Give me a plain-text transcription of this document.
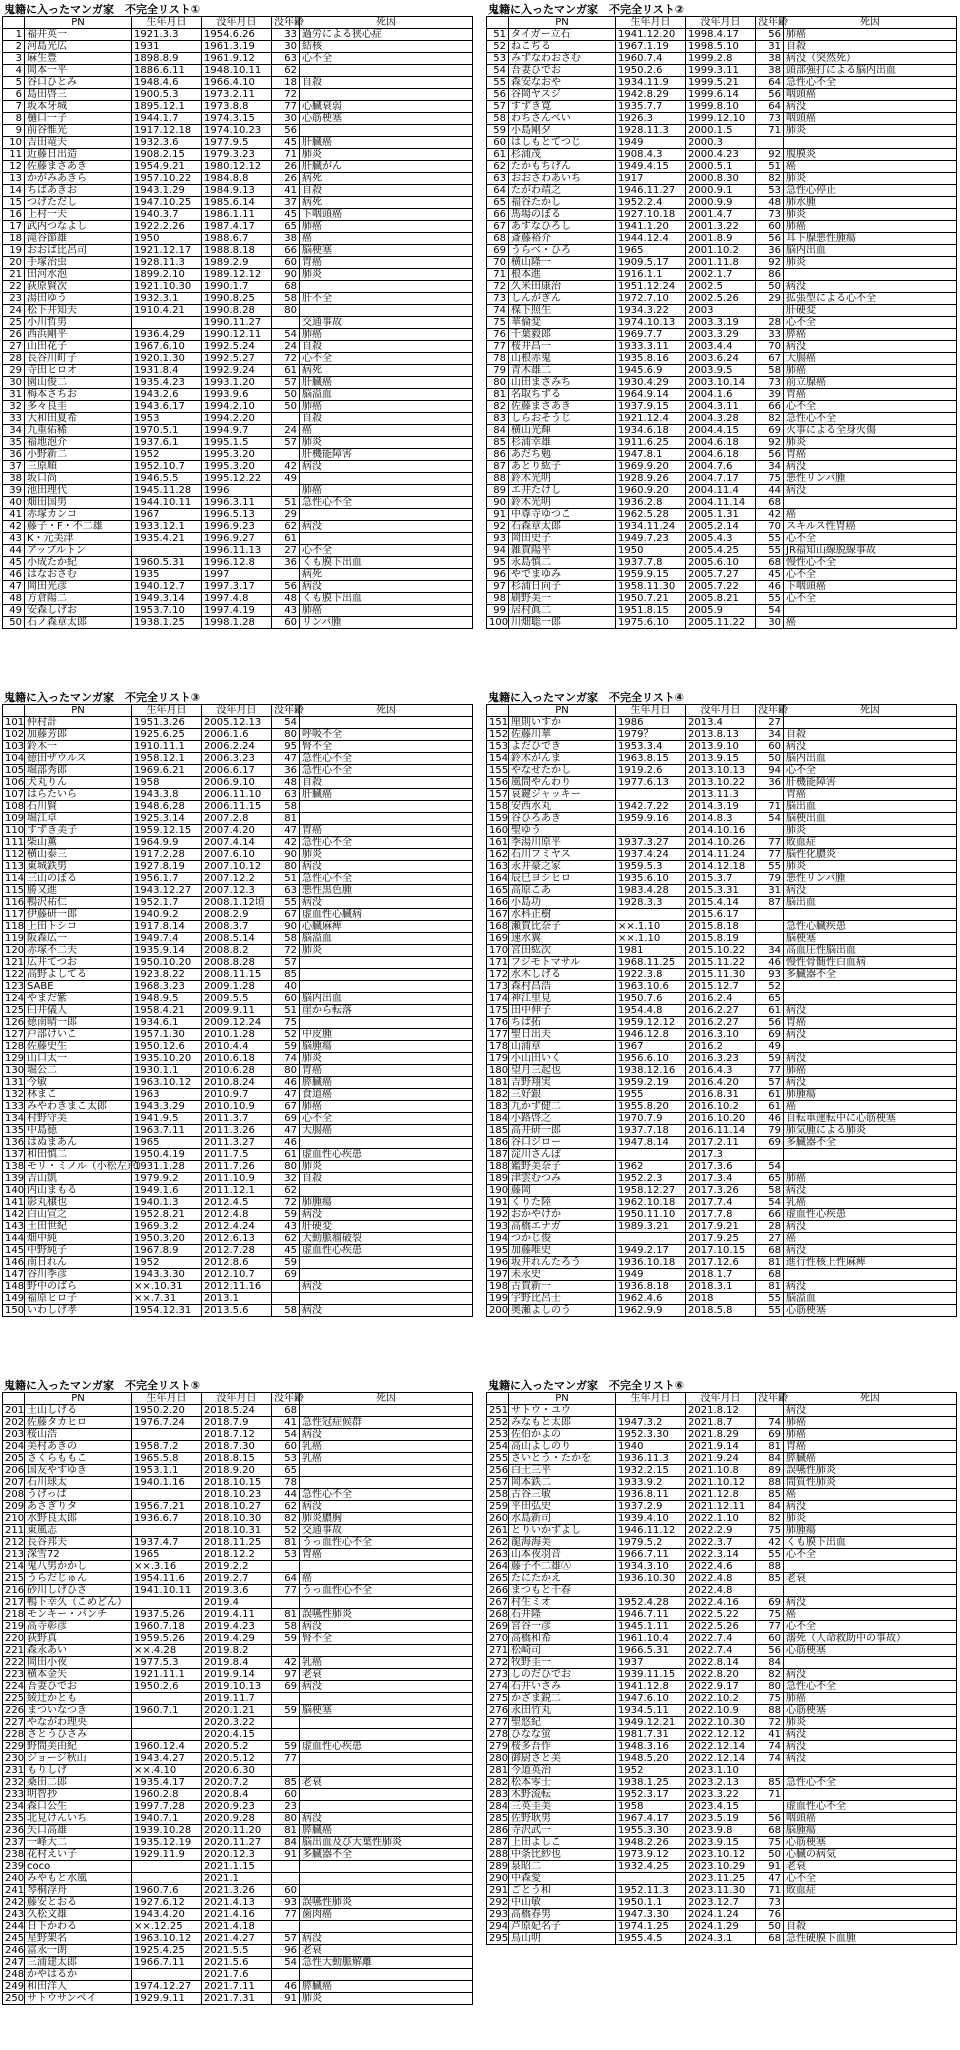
鬼籍に入ったマンガ家　不完全リスト①
	PN	生年月日	没年月日	没年齢	死因
1	福井英一	1921.3.3	1954.6.26	33	過労による狭心症
2	河島光広	1931	1961.3.19	30	結核
3	麻生豊	1898.8.9	1961.9.12	63	心不全
4	岡本一平	1886.6.11	1948.10.11	62	
5	谷口ひとみ	1948.4.6	1966.4.10	18	自殺
6	島田啓三	1900.5.3	1973.2.11	72	
7	坂本牙城	1895.12.1	1973.8.8	77	心臓衰弱
8	樋口一子	1944.1.7	1974.3.15	30	心筋梗塞
9	前谷惟光	1917.12.18	1974.10.23	56	
10	吉田竜夫	1932.3.6	1977.9.5	45	肝臓癌
11	近藤日出造	1908.2.15	1979.3.23	71	肺炎
12	佐藤まさあき	1954.9.21	1980.12.12	26	肝臓がん
13	かがみあきら	1957.10.22	1984.8.8	26	病死
14	ちばあきお	1943.1.29	1984.9.13	41	自殺
15	つげただし	1947.10.25	1985.6.14	37	病死
16	上村一夫	1940.3.7	1986.1.11	45	下咽頭癌
17	武内つなよし	1922.2.26	1987.4.17	65	肺癌
18	滝谷節雄	1950	1988.6.7	38	癌
19	おおば比呂司	1921.12.17	1988.8.18	66	脳梗塞
20	手塚治虫	1928.11.3	1989.2.9	60	胃癌
21	田河水泡	1899.2.10	1989.12.12	90	肺炎
22	荻原賢次	1921.10.30	1990.1.7	68	
23	湯田ゆう	1932.3.1	1990.8.25	58	肝不全
24	松下井知夫	1910.4.21	1990.8.28	80	
25	小川哲男		1990.11.27		交通事故
26	西浜剛平	1936.4.29	1990.12.11	54	肺癌
27	山田花子	1967.6.10	1992.5.24	24	自殺
28	長谷川町子	1920.1.30	1992.5.27	72	心不全
29	寺田ヒロオ	1931.8.4	1992.9.24	61	病死
30	園山俊二	1935.4.23	1993.1.20	57	肝臓癌
31	梅本さちお	1943.2.6	1993.9.6	50	脳溢血
32	多々良圭	1943.6.17	1994.2.10	50	肺癌
33	大和田夏希	1953	1994.2.20		自殺
34	九重佑稀	1970.5.1	1994.9.7	24	癌
35	福地泡介	1937.6.1	1995.1.5	57	肺炎
36	小野新二	1952	1995.3.20		肝機能障害
37	三原順	1952.10.7	1995.3.20	42	病没
38	坂口尚	1946.5.5	1995.12.22	49	
39	池田理代	1945.11.28	1996		肺癌
40	畑田国男	1944.10.11	1996.3.11	51	急性心不全
41	赤塚カンコ	1967	1996.5.13	29	
42	藤子・F・不二雄	1933.12.1	1996.9.23	62	病没
43	K・元美津	1935.4.21	1996.9.27	61	
44	アップルトン		1996.11.13	27	心不全
45	小成たか紀	1960.5.31	1996.12.8	36	くも膜下出血
46	はなおさむ	1935	1997		病死
47	岡田光彦	1940.12.7	1997.3.17	56	病没
48	方倉陽二	1949.3.14	1997.4.8	48	くも膜下出血
49	安森しげお	1953.7.10	1997.4.19	43	肺癌
50	石ノ森章太郎	1938.1.25	1998.1.28	60	リンパ腫
鬼籍に入ったマンガ家　不完全リスト②
	PN	生年月日	没年月日	没年齢	死因
51	タイガー立石	1941.12.20	1998.4.17	56	肺癌
52	ねこぢる	1967.1.19	1998.5.10	31	自殺
53	みずなわおさむ	1960.7.4	1999.2.8	38	病没（突然死）
54	吾妻ひでお	1950.2.6	1999.3.11	38	頭部強打による脳内出血
55	森安なおや	1934.11.9	1999.5.21	64	急性心不全
56	谷岡ヤスジ	1942.8.29	1999.6.14	56	咽頭癌
57	すずき寛	1935.7.7	1999.8.10	64	病没
58	わちさんぺい	1926.3	1999.12.10	73	咽頭癌
59	小島剛夕	1928.11.3	2000.1.5	71	肺炎
60	はしもとてつじ	1949	2000.3		
61	杉浦茂	1908.4.3	2000.4.23	92	腹膜炎
62	たかもちげん	1949.4.15	2000.5.1	51	癌
63	おおさわあいち	1917	2000.8.30	82	肺炎
64	たがわ靖之	1946.11.27	2000.9.1	53	急性心停止
65	福谷たかし	1952.2.4	2000.9.9	48	肺水腫
66	馬場のぼる	1927.10.18	2001.4.7	73	肺炎
67	あすなひろし	1941.1.20	2001.3.22	60	肺癌
68	斎藤裕介	1944.12.4	2001.8.9	56	耳下腺悪性腫瘍
69	うらべ・ひろ	1965	2001.10.2	36	脳内出血
70	横山隆一	1909.5.17	2001.11.8	92	肺炎
71	根本進	1916.1.1	2002.1.7	86	
72	久米田康治	1951.12.24	2002.5	50	病没
73	しんがぎん	1972.7.10	2002.5.26	29	拡張型による心不全
74	楳下照生	1934.3.22	2003		肝硬変
75	華倫変	1974.10.13	2003.3.19	28	心不全
76	千葉毅郎	1969.7.7	2003.3.29	33	膵癌
77	桜井昌一	1933.3.11	2003.4.4	70	病没
78	山根赤鬼	1935.8.16	2003.6.24	67	大腸癌
79	青木雄二	1945.6.9	2003.9.5	58	肺癌
80	山田まさみち	1930.4.29	2003.10.14	73	前立腺癌
81	名取ちずる	1964.9.14	2004.1.6	39	胃癌
82	佐藤まさあき	1937.9.15	2004.3.11	66	心不全
83	しらおそうじ	1921.12.4	2004.3.28	82	急性心不全
84	横山光輝	1934.6.18	2004.4.15	69	火事による全身火傷
85	杉浦幸雄	1911.6.25	2004.6.18	92	肺炎
86	あだち勉	1947.8.1	2004.6.18	56	胃癌
87	あとり紘子	1969.9.20	2004.7.6	34	病没
88	鈴木光明	1928.9.26	2004.7.17	75	悪性リンパ腫
89	エ井たけし	1960.9.20	2004.11.4	44	病没
90	鈴木光明	1936.2.8	2004.11.14	68	
91	中尊寺ゆつこ	1962.5.28	2005.1.31	42	癌
92	石森章太郎	1934.11.24	2005.2.14	70	スキルス性胃癌
93	岡田史子	1949.7.23	2005.4.3	55	心不全
94	雑賀陽平	1950	2005.4.25	55	JR福知山線脱線事故
95	永島慎二	1937.7.8	2005.6.10	68	慢性心不全
96	やでまゆみ	1959.9.15	2005.7.27	45	心不全
97	杉浦日向子	1958.11.30	2005.7.22	46	下咽頭癌
98	刷野美一	1950.7.21	2005.8.21	55	心不全
99	居村眞二	1951.8.15	2005.9	54	
100	川畑聡一郎	1975.6.10	2005.11.22	30	癌
鬼籍に入ったマンガ家　不完全リスト③
	PN	生年月日	没年月日	没年齢	死因
101	仲村計	1951.3.26	2005.12.13	54	
102	加藤芳郎	1925.6.25	2006.1.6	80	呼吸不全
103	鈴木一	1910.11.1	2006.2.24	95	腎不全
104	徳田ザウルス	1958.12.1	2006.3.23	47	急性心不全
105	堀部秀郎	1969.6.21	2006.6.17	36	急性心不全
106	犬丸りん	1958	2006.9.10	48	自殺
107	はらたいら	1943.3.8	2006.11.10	63	肝臓癌
108	石川賢	1948.6.28	2006.11.15	58	
109	堀江卓	1925.3.14	2007.2.8	81	
110	すずき美子	1959.12.15	2007.4.20	47	胃癌
111	柴山薫	1964.9.9	2007.4.14	42	急性心不全
112	横山泰三	1917.2.28	2007.6.10	90	肺炎
113	東城鉄男	1927.8.19	2007.10.12	80	病没
114	三山のぼる	1956.1.7	2007.12.2	51	急性心不全
115	勝又進	1943.12.27	2007.12.3	63	悪性黒色腫
116	鴨沢祐仁	1952.1.7	2008.1.12頃	55	病没
117	伊藤研一郎	1940.9.2	2008.2.9	67	虚血性心臓病
118	上田トシコ	1917.8.14	2008.3.7	90	心臓麻痺
119	阪森広一	1949.7.4	2008.5.14	58	脳溢血
120	赤塚不二夫	1935.9.14	2008.8.2	72	肺炎
121	広井てつお	1950.10.20	2008.8.28	57	
122	高野よしてる	1923.8.22	2008.11.15	85	
123	SABE	1968.3.23	2009.1.28	40	
124	やまだ紫	1948.9.5	2009.5.5	60	脳内出血
125	臼井儀人	1958.4.21	2009.9.11	51	崖から転落
126	徳南晴一郎	1934.6.1	2009.12.24	75	
127	戸部けいこ	1957.1.30	2010.1.28	52	中皮腫
128	佐藤史生	1950.12.6	2010.4.4	59	脳腫瘍
129	山口太一	1935.10.20	2010.6.18	74	肺炎
130	堀公二	1930.1.1	2010.6.28	80	胃癌
131	今敏	1963.10.12	2010.8.24	46	膵臓癌
132	林まこ	1963	2010.9.7	47	食道癌
133	みやわきまこ太郎	1943.3.29	2010.10.9	67	肺癌
134	村野守美	1941.9.5	2011.3.7	69	心不全
135	中島徳	1963.7.11	2011.3.26	47	大腸癌
136	はぬまあん	1965	2011.3.27	46	
137	和田慎二	1950.4.19	2011.7.5	61	虚血性心疾患
138	モリ・ミノル（小松左京）	1931.1.28	2011.7.26	80	肺炎
139	吉山凱	1979.9.2	2011.10.9	32	自殺
140	内山まもる	1949.1.6	2011.12.1	62	
141	影丸穣也	1940.1.3	2012.4.5	72	肺腫瘍
142	白山宣之	1952.8.21	2012.4.8	59	病没
143	土田世紀	1969.3.2	2012.4.24	43	肝硬変
144	畑中純	1950.3.20	2012.6.13	62	大動脈瘤破裂
145	中野純子	1967.8.9	2012.7.28	45	虚血性心疾患
146	南日れん	1952	2012.8.6	59	
147	谷川季彦	1943.3.30	2012.10.7	69	
148	野中のばら	××.10.31	2012.11.16		病没
149	福原ヒロ子	××.7.31	2013.1		
150	いわしげ孝	1954.12.31	2013.5.6	58	病没
鬼籍に入ったマンガ家　不完全リスト④
	PN	生年月日	没年月日	没年齢	死因
151	厘則いすか	1986	2013.4	27	
152	佐藤川華	1979？	2013.8.13	34	自殺
153	よだひでき	1953.3.4	2013.9.10	60	病没
154	鈴木がんま	1963.8.15	2013.9.15	50	脳内出血
155	やなせたかし	1919.2.6	2013.10.13	94	心不全
156	風間やんわり	1977.6.13	2013.10.22	36	肝機能障害
157	哀鍵ジャッキー		2013.11.3		胃癌
158	安西水丸	1942.7.22	2014.3.19	71	脳出血
159	谷ひろあき	1959.9.16	2014.8.3	54	脳梗出血
160	聖ゆう		2014.10.16		肺炎
161	季湯川原平	1937.3.27	2014.10.26	77	敗血症
162	石川フミヤス	1937.4.24	2014.11.24	77	脳性化膿炎
163	永井豪之家	1959.5.3	2014.12.18	55	肺炎
164	辰巳ヨシヒロ	1935.6.10	2015.3.7	79	悪性リンパ腫
165	高原こあ	1983.4.28	2015.3.31	31	病没
166	小島功	1928.3.3	2015.4.14	87	脳出血
167	水科正樹		2015.6.17		
168	瀬賀比奈子	××.1.10	2015.8.18		急性心臓疾患
169	速水翼	××.1.10	2015.8.19		脳梗塞
170	宮田紘次	1981	2015.10.22	34	高血圧性脳出血
171	フジモトマサル	1968.11.25	2015.11.22	46	慢性骨髄性白血病
172	水木しげる	1922.3.8	2015.11.30	93	多臓器不全
173	森村昌浩	1963.10.6	2015.12.7	52	
174	神江里見	1950.7.6	2016.2.4	65	
175	田中伸子	1954.4.8	2016.2.27	61	病没
176	ちば拓	1959.12.12	2016.2.27	56	胃癌
177	聖日出夫	1946.12.8	2016.3.10	69	病没
178	山浦章	1967	2016.2	49	
179	小山田いく	1956.6.10	2016.3.23	59	病没
180	望月三起也	1938.12.16	2016.4.3	77	肺癌
181	吉野翔実	1959.2.19	2016.4.20	57	病没
182	三好銀	1955	2016.8.31	61	肺腫瘍
183	九かず健二	1955.8.20	2016.10.2	61	癌
184	小路啓之	1970.7.9	2016.10.20	46	自転車運転中に心筋梗塞
185	高井研一郎	1937.7.18	2016.11.14	79	肺気腫による肺炎
186	谷口ジロー	1947.8.14	2017.2.11	69	多臓器不全
187	淀川さんぽ		2017.3		
188	鑑野美奈子	1962	2017.3.6	54	
189	津雲むつみ	1952.2.3	2017.3.4	65	肺癌
190	藤岡	1958.12.27	2017.3.26	58	病没
191	くりた陸	1962.10.18	2017.7.4	54	乳癌
192	おかやけか	1950.11.10	2017.7.8	66	虚血性心疾患
193	高橋エナガ	1989.3.21	2017.9.21	28	病没
194	つかじ俊		2017.9.25	27	癌
195	加藤唯史	1949.2.17	2017.10.15	68	病没
196	坂井れんたろう	1936.10.18	2017.12.6	81	進行性核上性麻痺
197	未永史	1949	2018.1.7	68	
198	古賀新一	1936.8.18	2018.3.1	81	病没
199	宇野比呂士	1962.4.6	2018	55	脳溢血
200	奥瀬よしのう	1962.9.9	2018.5.8	55	心筋梗塞
鬼籍に入ったマンガ家　不完全リスト⑤
	PN	生年月日	没年月日	没年齢	死因
201	土山しげる	1950.2.20	2018.5.24	68	
202	佐藤タカヒロ	1976.7.24	2018.7.9	41	急性冠症候群
203	桜山浩		2018.7.12	54	病没
204	美村あきの	1958.7.2	2018.7.30	60	乳癌
205	さくらももこ	1965.5.8	2018.8.15	53	乳癌
206	国友やすゆき	1953.1.1	2018.9.20	65	
207	石川球太	1940.1.16	2018.10.15	78	
208	うげっぱ		2018.10.23	44	急性心不全
209	あさぎりタ	1956.7.21	2018.10.27	62	病没
210	水野良太郎	1936.6.7	2018.10.30	82	肺炎膿胸
211	東風志		2018.10.31	52	交通事故
212	長谷邦夫	1937.4.7	2018.11.25	81	うっ血性心不全
213	深雪72	1965	2018.12.2	53	胃癌
214	鬼八男かかし	××.3.16	2019.2.2		
215	うらだじゅん	1954.11.6	2019.2.7	64	癌
216	砂川しげひさ	1941.10.11	2019.3.6	77	うっ血性心不全
217	鴨下幸久（こめどん）		2019.4		
218	モンキー・パンチ	1937.5.26	2019.4.11	81	誤嚥性肺炎
219	高寺彰彦	1960.7.18	2019.4.23	58	病没
220	荻野真	1959.5.26	2019.4.29	59	腎不全
221	森永あい	××.4.28	2019.8.2		
222	岡田小夜	1977.5.3	2019.8.4	42	乳癌
223	横本金矢	1921.11.1	2019.9.14	97	老衰
224	吾妻ひでお	1950.2.6	2019.10.13	69	病没
225	綾辻かとも		2019.11.7		
226	まついなつき	1960.7.1	2020.1.21	59	脳梗塞
227	やながわ理央		2020.3.22		
228	さとうひさみ		2020.4.15		
229	野間美由紀	1960.12.4	2020.5.2	59	虚血性心疾患
230	ジョージ秋山	1943.4.27	2020.5.12	77	
231	もりしげ	××.4.10	2020.6.30		
232	桑田二郎	1935.4.17	2020.7.2	85	老衰
233	明智抄	1960.2.8	2020.8.4	60	
234	森口公生	1997.7.28	2020.9.23	23	
235	北見けんいち	1940.7.1	2020.9.28	80	病没
236	矢口高雄	1939.10.28	2020.11.20	81	膵臓癌
237	一峰大二	1935.12.19	2020.11.27	84	脳出血及び大葉性肺炎
238	花村えい子	1929.11.9	2020.12.3	91	多臓器不全
239	coco		2021.1.15		
240	みやもと水風		2021.1		
241	琴桐浮舟	1960.7.6	2021.3.26	60	
242	藤安とおる	1927.6.12	2021.4.13	93	誤嚥性肺炎
243	久松文雄	1943.4.20	2021.4.16	77	歯肉癌
244	日下かわる	××.12.25	2021.4.18		
245	星野架名	1963.10.12	2021.4.27	57	病没
246	富永一朗	1925.4.25	2021.5.5	96	老衰
247	三浦建太郎	1966.7.11	2021.5.6	54	急性大動脈解離
248	かやはるか		2021.7.6		
249	和田洋人	1974.12.27	2021.7.11	46	膵臓癌
250	サトウサンペイ	1929.9.11	2021.7.31	91	肺炎
鬼籍に入ったマンガ家　不完全リスト⑥
	PN	生年月日	没年月日	没年齢	死因
251	サトウ・ユウ		2021.8.12		病没
252	みなもと太郎	1947.3.2	2021.8.7	74	肺癌
253	佐伯かよの	1952.3.30	2021.8.29	69	肺癌
254	高山よしのり	1940	2021.9.14	81	胃癌
255	さいとう・たかを	1936.11.3	2021.9.24	84	膵臓癌
256	白土三平	1932.2.15	2021.10.8	89	誤嚥性肺炎
257	岡本鉄二	1933.9.2	2021.10.12	88	間質性肺炎
258	古谷三敏	1936.8.11	2021.12.8	85	癌
259	平田弘史	1937.2.9	2021.12.11	84	病没
260	水島新司	1939.4.10	2022.1.10	82	肺炎
261	とりいかずよし	1946.11.12	2022.2.9	75	肺腫瘍
262	龍海海美	1979.5.2	2022.3.7	42	くも膜下出血
263	山本夜羽音	1966.7.11	2022.3.14	55	心不全
264	藤子不二雄Ⓐ	1934.3.10	2022.4.6	88	
265	たにたかえ	1936.10.30	2022.4.8	85	老衰
266	まつもと千春		2022.4.8		
267	村生ミオ	1952.4.28	2022.4.16	69	病没
268	石井隆	1946.7.11	2022.5.22	75	癌
269	宮谷一彦	1945.1.11	2022.5.26	77	心不全
270	高橋和希	1961.10.4	2022.7.4	60	溺死（人命救助中の事故）
271	松崎司	1966.5.31	2022.7.4	56	心筋梗塞
272	牧野圭一	1937	2022.8.14	84	
273	しのだひでお	1939.11.15	2022.8.20	82	病没
274	石井いさみ	1941.12.8	2022.9.17	80	急性心不全
275	かざま鋭二	1947.6.10	2022.10.2	75	肺癌
276	永田竹丸	1934.5.11	2022.10.9	88	心筋梗塞
277	聖悠紀	1949.12.21	2022.10.30	72	肺炎
278	ひなな蛍	1981.7.31	2022.12.12	41	病没
279	桜多吾作	1948.3.16	2022.12.14	74	病没
280	御厨さと美	1948.5.20	2022.12.14	74	病没
281	今道英治	1952	2023.1.10		
282	松本零士	1938.1.25	2023.2.13	85	急性心不全
283	木野流転	1952.3.17	2023.3.22	71	
284	三英圭美	1958	2023.4.15		虚血性心不全
285	佐野耿男	1967.4.17	2023.5.19	56	咽頭癌
286	寺沢武一	1955.3.30	2023.9.8	68	脳腫瘍
287	上田よしこ	1948.2.26	2023.9.15	75	心筋梗塞
288	中条比紗也	1973.9.12	2023.10.12	50	心臓の病気
289	泉昭二	1932.4.25	2023.10.29	91	老衰
290	中森愛		2023.11.25	47	心不全
291	ごとう和	1952.11.3	2023.11.30	71	敗血症
292	中山敏	1950.1.1	2023.12.7	73	
293	高橋春男	1947.3.30	2024.1.24	76	
294	芦原妃名子	1974.1.25	2024.1.29	50	自殺
295	鳥山明	1955.4.5	2024.3.1	68	急性硬膜下血腫
